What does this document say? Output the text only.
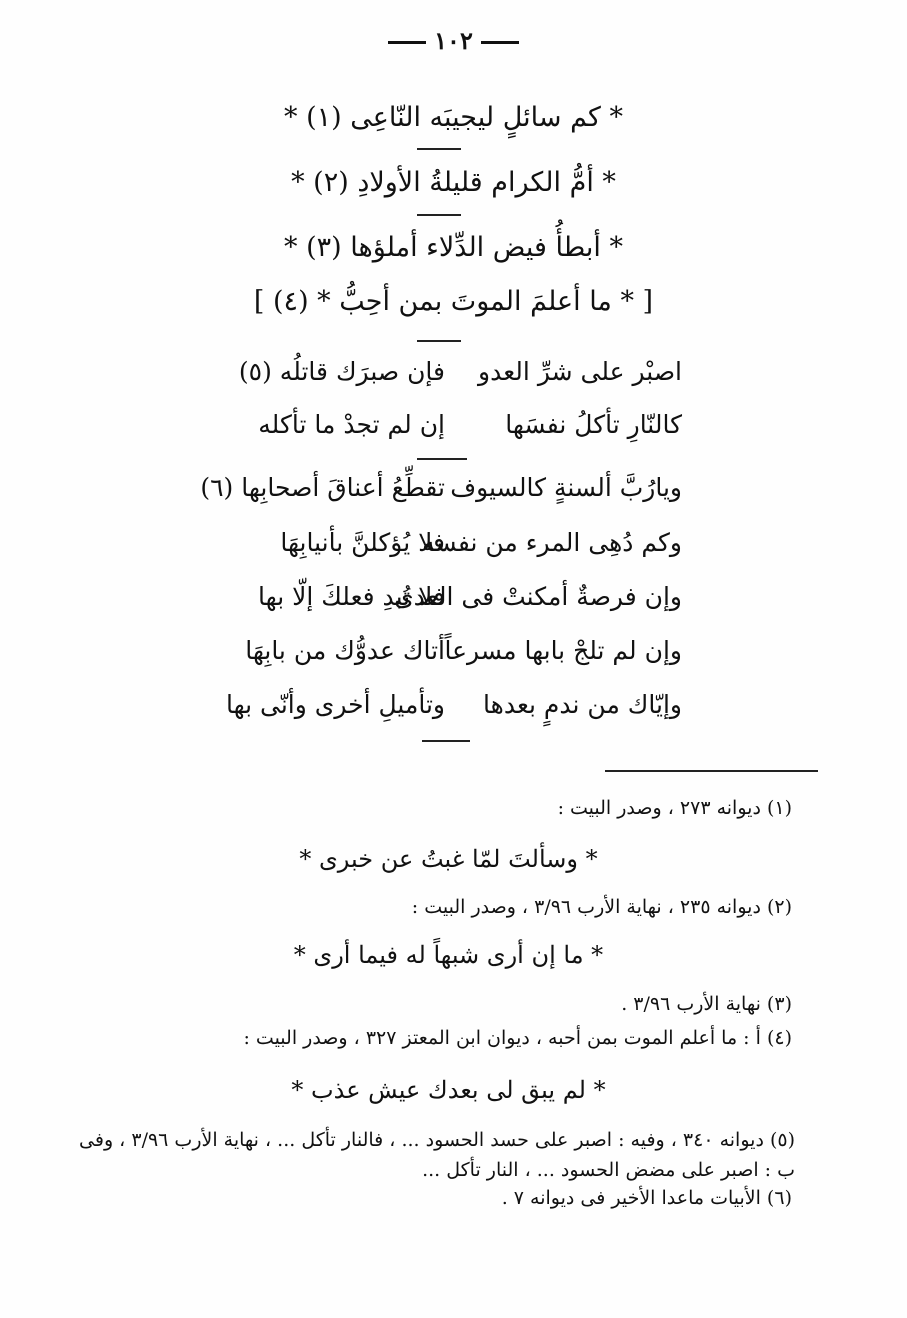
١٠٢
* كم سائلٍ ليجيبَه النّاعِى (١) *
* أمُّ الكرام قليلةُ الأولادِ (٢) *
* أبطأُ فيض الدِّلاء أملؤها (٣) *
[ * ما أعلمَ الموتَ بمن أحِبُّ * (٤) ]
اصبْر على شرِّ العدو
فإن صبرَك قاتلُه (٥)
كالنّارِ تأكلُ نفسَها
إن لم تجدْ ما تأكله
ويارُبَّ ألسنةٍ كالسيوف
تقطِّعُ أعناقَ أصحابِها (٦)
وكم دُهِى المرء من نفسه
فلا يُؤكلنَّ بأنيابِهَا
وإن فرصةٌ أمكنتْ فى العدى
فلا تُبدِ فعلكَ إلّا بها
وإن لم تلجْ بابها مسرعاً
أتاك عدوُّك من بابِهَا
وإيّاك من ندمٍ بعدها
وتأميلِ أخرى وأنّى بها
(١) ديوانه ٢٧٣ ، وصدر البيت :
* وسألتَ لمّا غبتُ عن خبرى *
(٢) ديوانه ٢٣٥ ، نهاية الأرب ٣/٩٦ ، وصدر البيت :
* ما إن أرى شبهاً له فيما أرى *
(٣) نهاية الأرب ٣/٩٦ .
(٤) أ : ما أعلم الموت بمن أحبه ، ديوان ابن المعتز ٣٢٧ ، وصدر البيت :
* لم يبق لى بعدك عيش عذب *
(٥) ديوانه ٣٤٠ ، وفيه : اصبر على حسد الحسود ... ، فالنار تأكل ... ، نهاية الأرب ٣/٩٦ ، وفى
ب : اصبر على مضض الحسود ... ، النار تأكل ...
(٦) الأبيات ماعدا الأخير فى ديوانه ٧ .
